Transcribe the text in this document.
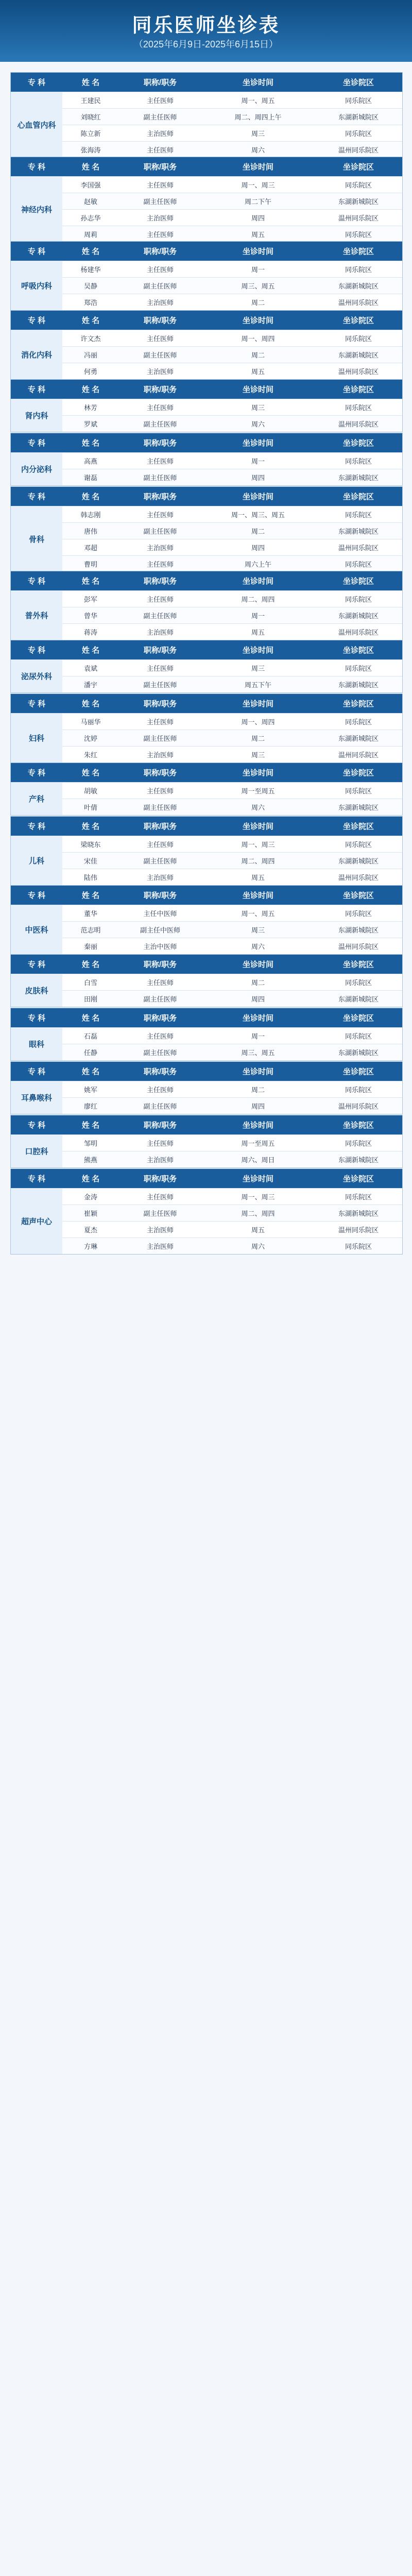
同乐医师坐诊表
（2025年6月9日-2025年6月15日）
专 科	姓 名	职称/职务	坐诊时间	坐诊院区
心血管内科	王建民	主任医师	周一、周五	同乐院区
	刘晓红	副主任医师	周二、周四上午	东湖新城院区
	陈立新	主治医师	周三	同乐院区
	张海涛	主任医师	周六	温州同乐院区
专 科	姓 名	职称/职务	坐诊时间	坐诊院区
神经内科	李国强	主任医师	周一、周三	同乐院区
	赵敏	副主任医师	周二下午	东湖新城院区
	孙志华	主治医师	周四	温州同乐院区
	周莉	主任医师	周五	同乐院区
专 科	姓 名	职称/职务	坐诊时间	坐诊院区
呼吸内科	杨建华	主任医师	周一	同乐院区
	吴静	副主任医师	周三、周五	东湖新城院区
	郑浩	主治医师	周二	温州同乐院区
专 科	姓 名	职称/职务	坐诊时间	坐诊院区
消化内科	许文杰	主任医师	周一、周四	同乐院区
	冯丽	副主任医师	周二	东湖新城院区
	何勇	主治医师	周五	温州同乐院区
专 科	姓 名	职称/职务	坐诊时间	坐诊院区
肾内科	林芳	主任医师	周三	同乐院区
	罗斌	副主任医师	周六	温州同乐院区
专 科	姓 名	职称/职务	坐诊时间	坐诊院区
内分泌科	高燕	主任医师	周一	同乐院区
	谢磊	副主任医师	周四	东湖新城院区
专 科	姓 名	职称/职务	坐诊时间	坐诊院区
骨科	韩志刚	主任医师	周一、周三、周五	同乐院区
	唐伟	副主任医师	周二	东湖新城院区
	邓超	主治医师	周四	温州同乐院区
	曹明	主任医师	周六上午	同乐院区
专 科	姓 名	职称/职务	坐诊时间	坐诊院区
普外科	彭军	主任医师	周二、周四	同乐院区
	曾华	副主任医师	周一	东湖新城院区
	蒋涛	主治医师	周五	温州同乐院区
专 科	姓 名	职称/职务	坐诊时间	坐诊院区
泌尿外科	袁斌	主任医师	周三	同乐院区
	潘宇	副主任医师	周五下午	东湖新城院区
专 科	姓 名	职称/职务	坐诊时间	坐诊院区
妇科	马丽华	主任医师	周一、周四	同乐院区
	沈婷	副主任医师	周二	东湖新城院区
	朱红	主治医师	周三	温州同乐院区
专 科	姓 名	职称/职务	坐诊时间	坐诊院区
产科	胡敏	主任医师	周一至周五	同乐院区
	叶倩	副主任医师	周六	东湖新城院区
专 科	姓 名	职称/职务	坐诊时间	坐诊院区
儿科	梁晓东	主任医师	周一、周三	同乐院区
	宋佳	副主任医师	周二、周四	东湖新城院区
	陆伟	主治医师	周五	温州同乐院区
专 科	姓 名	职称/职务	坐诊时间	坐诊院区
中医科	董华	主任中医师	周一、周五	同乐院区
	范志明	副主任中医师	周三	东湖新城院区
	秦丽	主治中医师	周六	温州同乐院区
专 科	姓 名	职称/职务	坐诊时间	坐诊院区
皮肤科	白雪	主任医师	周二	同乐院区
	田刚	副主任医师	周四	东湖新城院区
专 科	姓 名	职称/职务	坐诊时间	坐诊院区
眼科	石磊	主任医师	周一	同乐院区
	任静	副主任医师	周三、周五	东湖新城院区
专 科	姓 名	职称/职务	坐诊时间	坐诊院区
耳鼻喉科	姚军	主任医师	周二	同乐院区
	廖红	副主任医师	周四	温州同乐院区
专 科	姓 名	职称/职务	坐诊时间	坐诊院区
口腔科	邹明	主任医师	周一至周五	同乐院区
	熊燕	主治医师	周六、周日	东湖新城院区
专 科	姓 名	职称/职务	坐诊时间	坐诊院区
超声中心	金涛	主任医师	周一、周三	同乐院区
	崔颖	副主任医师	周二、周四	东湖新城院区
	夏杰	主治医师	周五	温州同乐院区
	方琳	主治医师	周六	同乐院区
